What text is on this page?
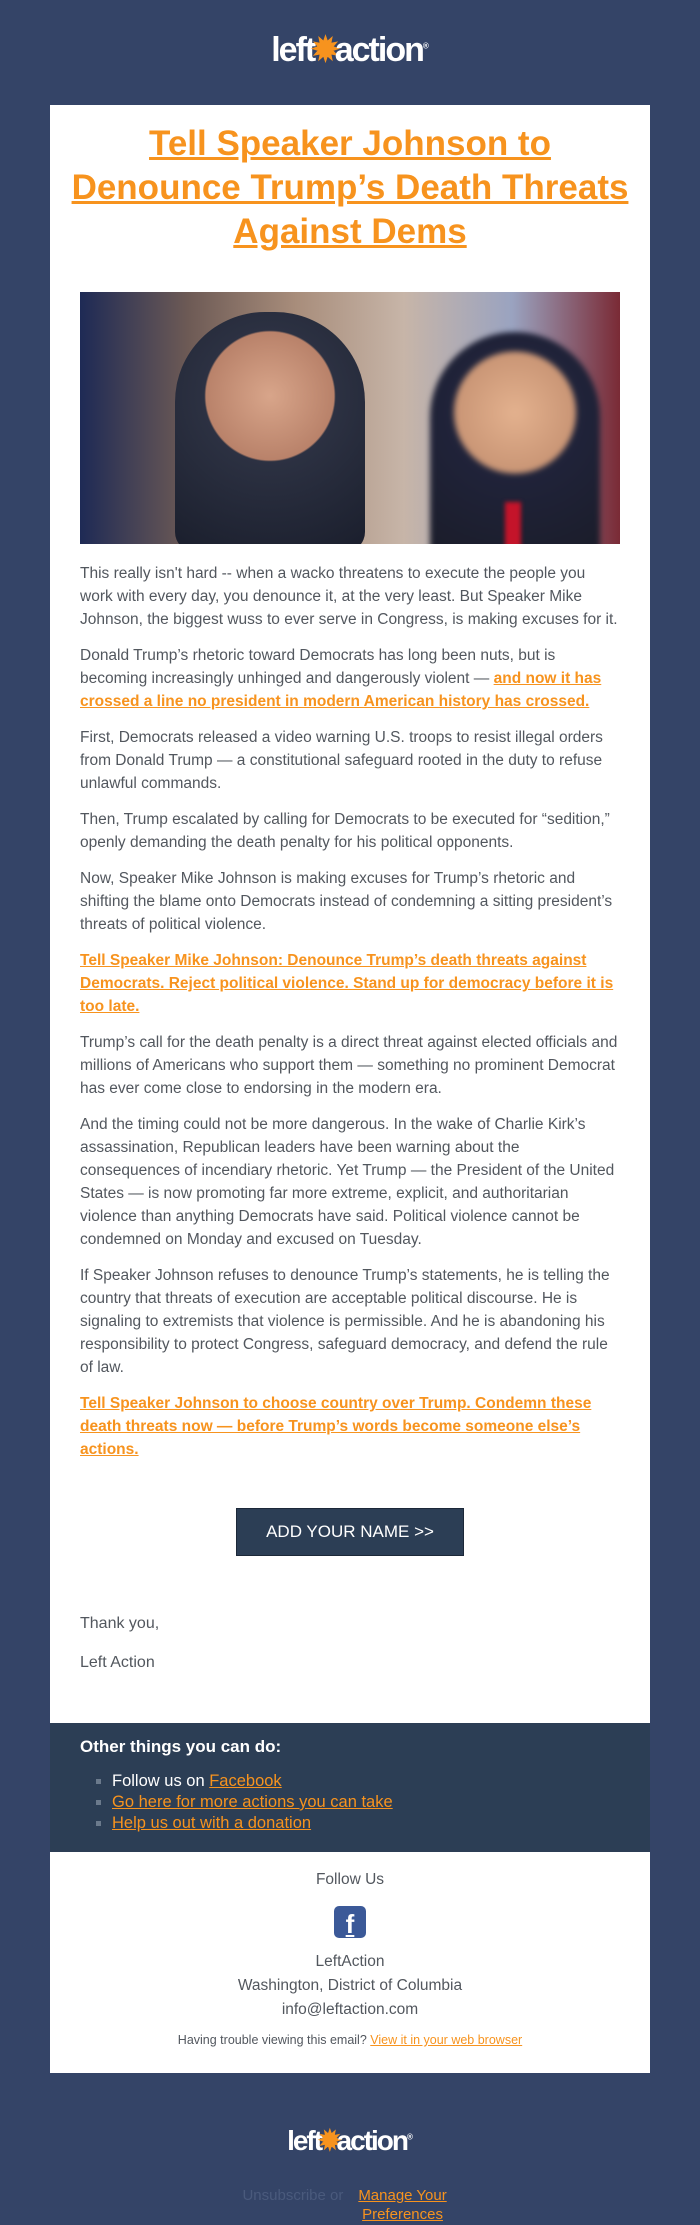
left✹action®
Tell Speaker Johnson to Denounce Trump’s Death Threats Against Dems

This really isn't hard -- when a wacko threatens to execute the people you work with every day, you denounce it, at the very least. But Speaker Mike Johnson, the biggest wuss to ever serve in Congress, is making excuses for it.

Donald Trump’s rhetoric toward Democrats has long been nuts, but is becoming increasingly unhinged and dangerously violent — and now it has crossed a line no president in modern American history has crossed.

First, Democrats released a video warning U.S. troops to resist illegal orders from Donald Trump — a constitutional safeguard rooted in the duty to refuse unlawful commands.

Then, Trump escalated by calling for Democrats to be executed for “sedition,” openly demanding the death penalty for his political opponents.

Now, Speaker Mike Johnson is making excuses for Trump’s rhetoric and shifting the blame onto Democrats instead of condemning a sitting president’s threats of political violence.

Tell Speaker Mike Johnson: Denounce Trump’s death threats against Democrats. Reject political violence. Stand up for democracy before it is too late.

Trump’s call for the death penalty is a direct threat against elected officials and millions of Americans who support them — something no prominent Democrat has ever come close to endorsing in the modern era.

And the timing could not be more dangerous. In the wake of Charlie Kirk’s assassination, Republican leaders have been warning about the consequences of incendiary rhetoric. Yet Trump — the President of the United States — is now promoting far more extreme, explicit, and authoritarian violence than anything Democrats have said. Political violence cannot be condemned on Monday and excused on Tuesday.

If Speaker Johnson refuses to denounce Trump’s statements, he is telling the country that threats of execution are acceptable political discourse. He is signaling to extremists that violence is permissible. And he is abandoning his responsibility to protect Congress, safeguard democracy, and defend the rule of law.

Tell Speaker Johnson to choose country over Trump. Condemn these death threats now — before Trump’s words become someone else’s actions.

ADD YOUR NAME >>

Thank you,

Left Action

Other things you can do:
▪ Follow us on Facebook
▪ Go here for more actions you can take
▪ Help us out with a donation
Follow Us
f
LeftAction
Washington, District of Columbia
info@leftaction.com
Having trouble viewing this email? View it in your web browser
left✹action®
Unsubscribe or Manage Your Preferences
